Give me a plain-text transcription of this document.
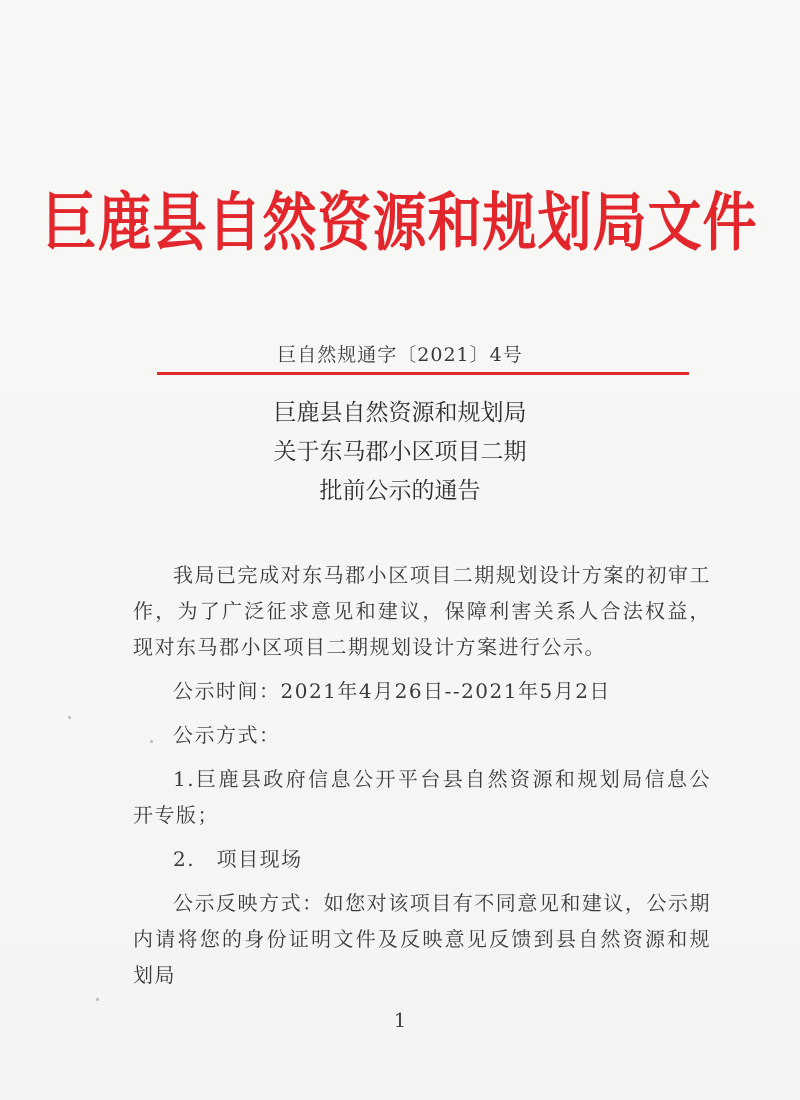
巨鹿县自然资源和规划局文件
巨自然规通字〔2021〕4号
巨鹿县自然资源和规划局
关于东马郡小区项目二期
批前公示的通告

我局已完成对东马郡小区项目二期规划设计方案的初审工作，为了广泛征求意见和建议，保障利害关系人合法权益，现对东马郡小区项目二期规划设计方案进行公示。

公示时间：2021年4月26日--2021年5月2日

公示方式：

1.巨鹿县政府信息公开平台县自然资源和规划局信息公开专版；

2.　项目现场

公示反映方式：如您对该项目有不同意见和建议，公示期内请将您的身份证明文件及反映意见反馈到县自然资源和规划局

1
